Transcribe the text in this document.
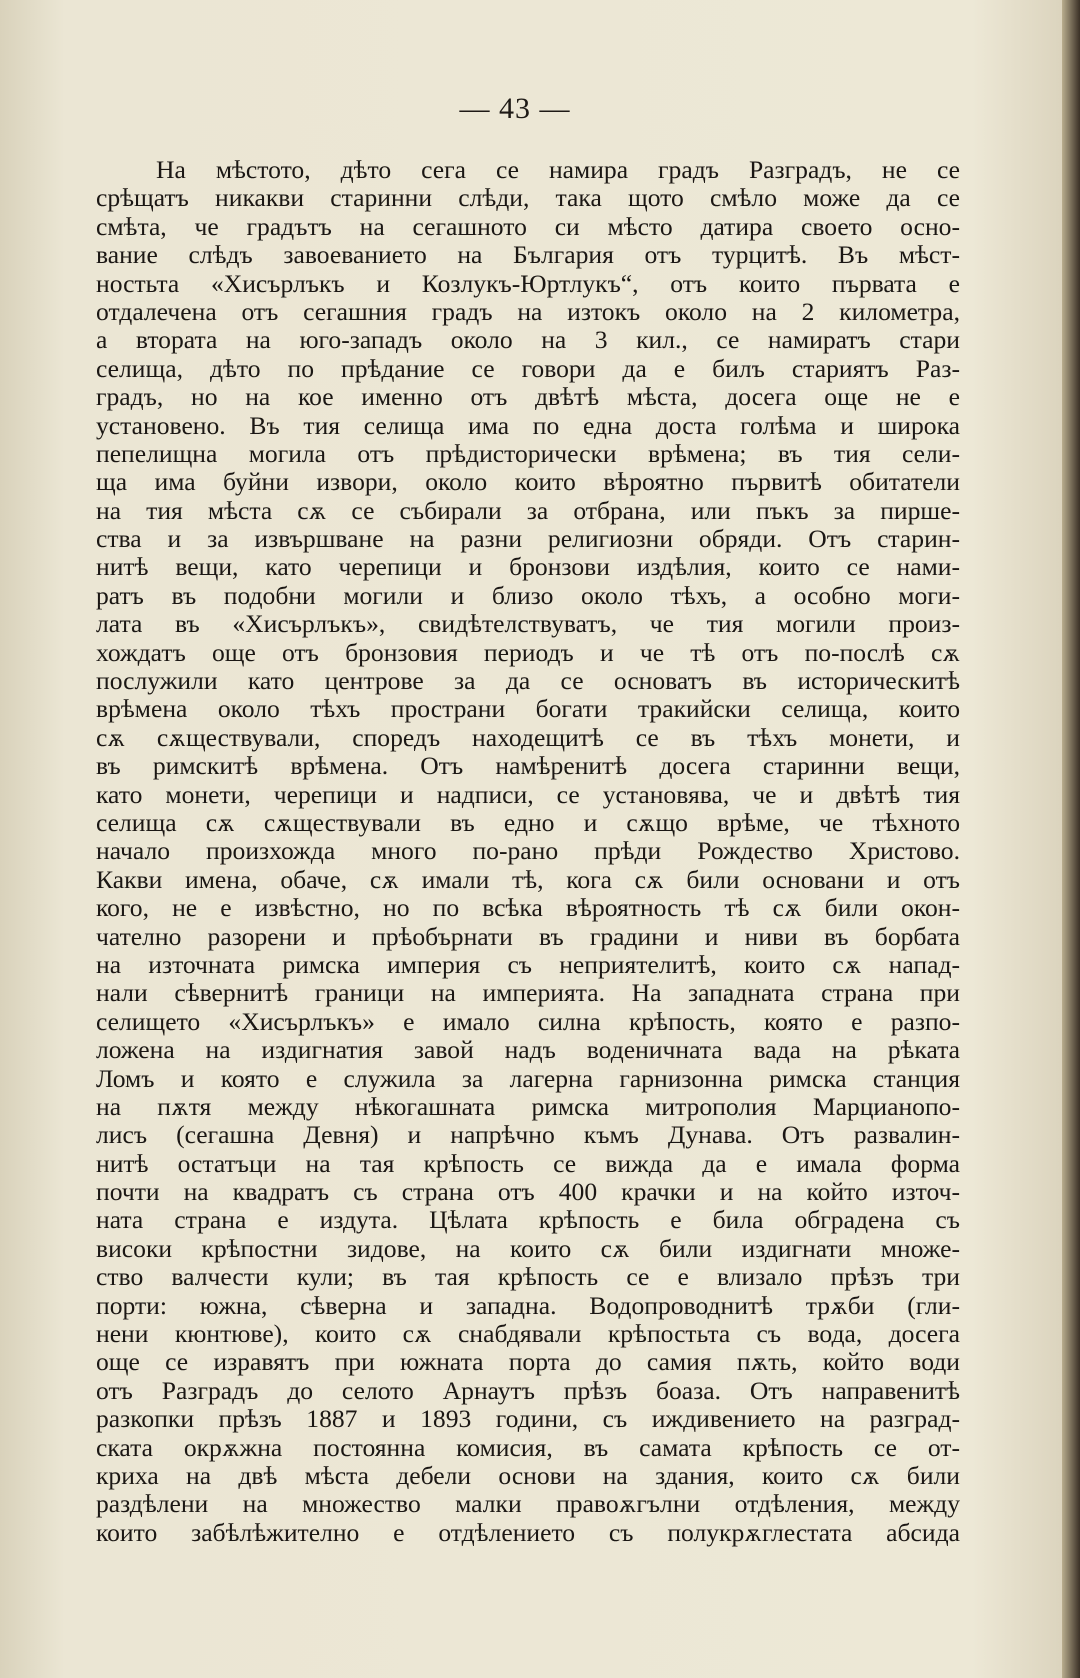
— 43 —
На мѣстото, дѣто сега се намира градъ Разградъ, не се
срѣщатъ никакви старинни слѣди, така щото смѣло може да се
смѣта, че градътъ на сегашното си мѣсто датира своето осно-
вание слѣдъ завоеванието на България отъ турцитѣ. Въ мѣст-
ностьта «Хисърлъкъ и Козлукъ-Юртлукъ“, отъ които първата е
отдалечена отъ сегашния градъ на изтокъ около на 2 километра,
а втората на юго-западъ около на 3 кил., се намиратъ стари
селища, дѣто по прѣдание се говори да е билъ стариятъ Раз-
градъ, но на кое именно отъ двѣтѣ мѣста, досега още не е
установено. Въ тия селища има по една доста голѣма и широка
пепелищна могила отъ прѣдисторически врѣмена; въ тия сели-
ща има буйни извори, около които вѣроятно първитѣ обитатели
на тия мѣста сѫ се събирали за отбрана, или пъкъ за пирше-
ства и за извършване на разни религиозни обряди. Отъ старин-
нитѣ вещи, като черепици и бронзови издѣлия, които се нами-
ратъ въ подобни могили и близо около тѣхъ, а особно моги-
лата въ «Хисърлъкъ», свидѣтелствуватъ, че тия могили произ-
хождатъ още отъ бронзовия периодъ и че тѣ отъ по-послѣ сѫ
послужили като центрове за да се основатъ въ историческитѣ
врѣмена около тѣхъ пространи богати тракийски селища, които
сѫ сѫществували, споредъ находещитѣ се въ тѣхъ монети, и
въ римскитѣ врѣмена. Отъ намѣренитѣ досега старинни вещи,
като монети, черепици и надписи, се установява, че и двѣтѣ тия
селища сѫ сѫществували въ едно и сѫщо врѣме, че тѣхното
начало произхожда много по-рано прѣди Рождество Христово.
Какви имена, обаче, сѫ имали тѣ, кога сѫ били основани и отъ
кого, не е извѣстно, но по всѣка вѣроятность тѣ сѫ били окон-
чателно разорени и прѣобърнати въ градини и ниви въ борбата
на източната римска империя съ неприятелитѣ, които сѫ напад-
нали сѣвернитѣ граници на империята. На западната страна при
селището «Хисърлъкъ» е имало силна крѣпость, която е разпо-
ложена на издигнатия завой надъ воденичната вада на рѣката
Ломъ и която е служила за лагерна гарнизонна римска станция
на пѫтя между нѣкогашната римска митрополия Марцианопо-
лисъ (сегашна Девня) и напрѣчно къмъ Дунава. Отъ развалин-
нитѣ остатъци на тая крѣпость се вижда да е имала форма
почти на квадратъ съ страна отъ 400 крачки и на който източ-
ната страна е издута. Цѣлата крѣпость е била обградена съ
високи крѣпостни зидове, на които сѫ били издигнати множе-
ство валчести кули; въ тая крѣпость се е влизало прѣзъ три
порти: южна, сѣверна и западна. Водопроводнитѣ трѫби (гли-
нени кюнтюве), които сѫ снабдявали крѣпостьта съ вода, досега
още се изравятъ при южната порта до самия пѫть, който води
отъ Разградъ до селото Арнаутъ прѣзъ боаза. Отъ направенитѣ
разкопки прѣзъ 1887 и 1893 години, съ иждивението на разград-
ската окрѫжна постоянна комисия, въ самата крѣпость се от-
криха на двѣ мѣста дебели основи на здания, които сѫ били
раздѣлени на множество малки правоѫгълни отдѣления, между
които забѣлѣжително е отдѣлението съ полукрѫглестата абсида
